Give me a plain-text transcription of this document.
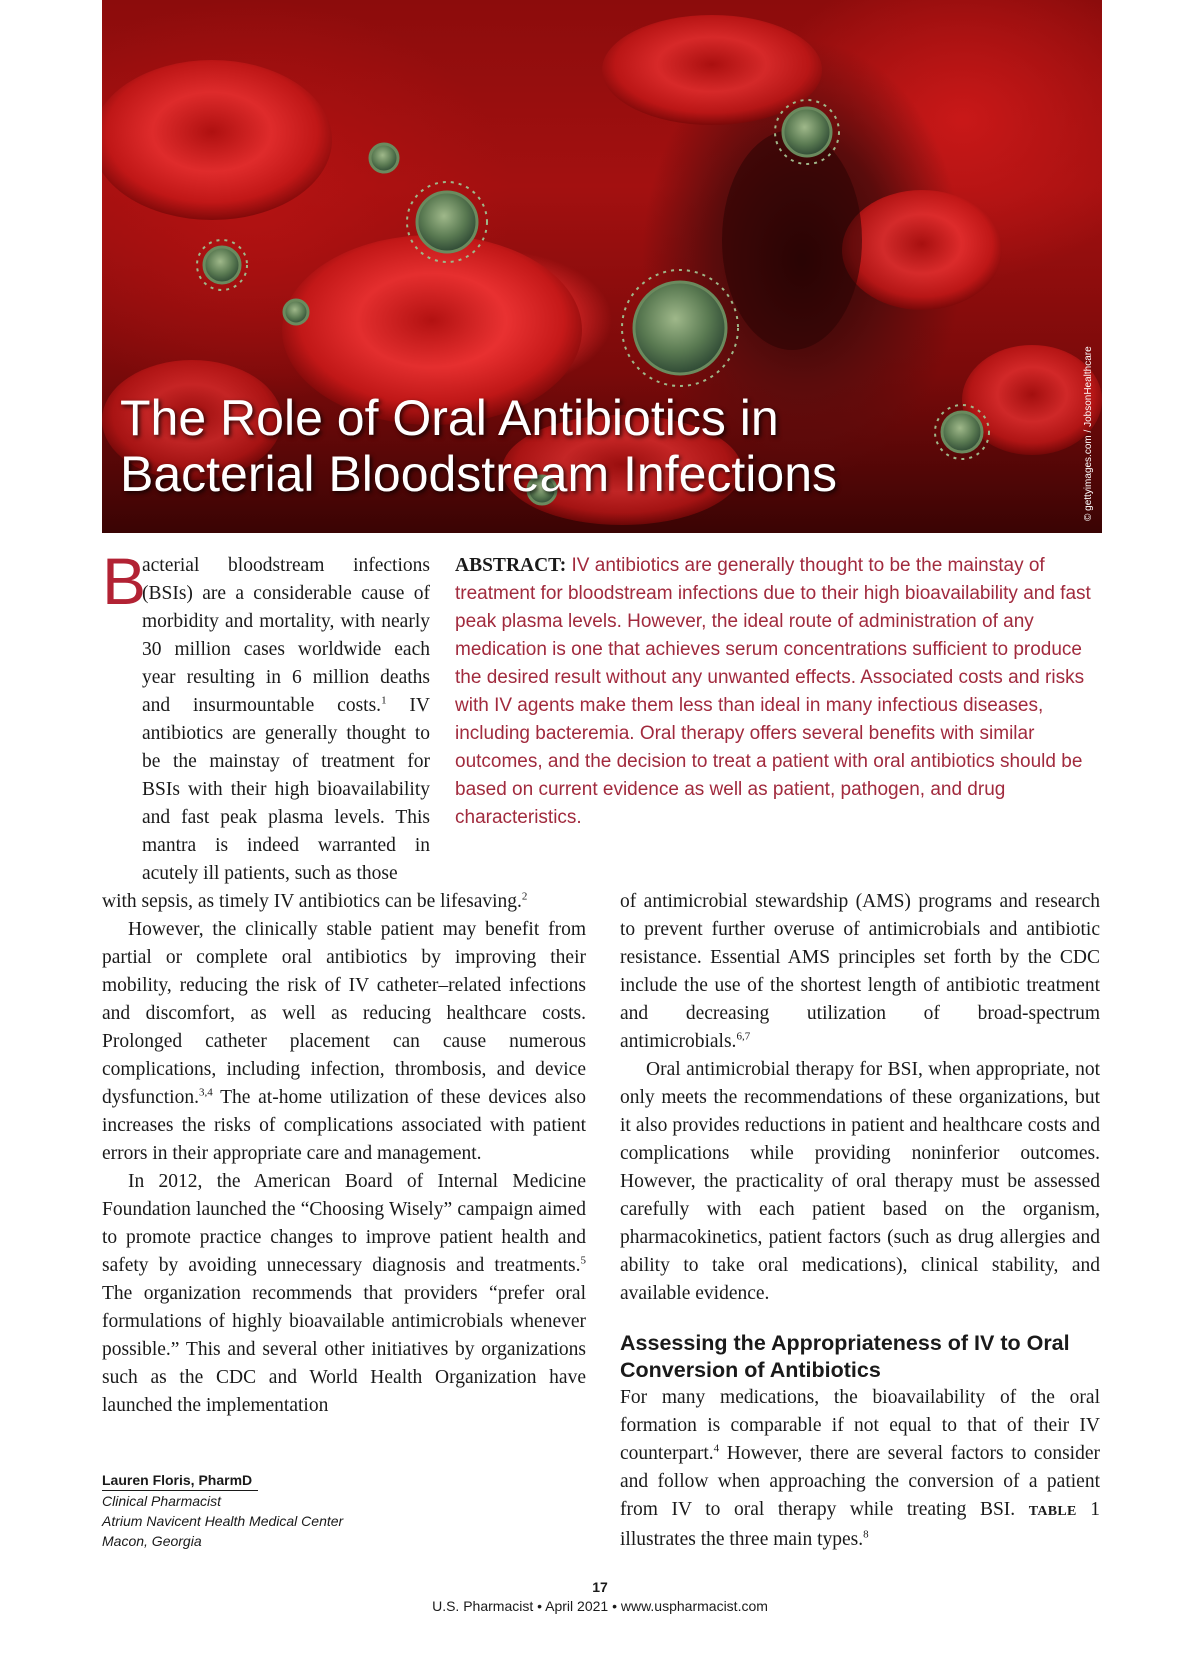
The Role of Oral Antibiotics in
Bacterial Bloodstream Infections	© gettyimages.com / JobsonHealthcare
B

acterial bloodstream infections (BSIs) are a considerable cause of morbidity and mortality, with nearly 30 million cases worldwide each year resulting in 6 million deaths and insurmountable costs.$^1$ IV antibiotics are generally thought to be the mainstay of treatment for BSIs with their high bioavailability and fast peak plasma levels. This mantra is indeed warranted in acutely ill patients, such as those

ABSTRACT: IV antibiotics are generally thought to be the mainstay of treatment for bloodstream infections due to their high bioavailability and fast peak plasma levels. However, the ideal route of administration of any medication is one that achieves serum concentrations sufficient to produce the desired result without any unwanted effects. Associated costs and risks with IV agents make them less than ideal in many infectious diseases, including bacteremia. Oral therapy offers several benefits with similar outcomes, and the decision to treat a patient with oral antibiotics should be based on current evidence as well as patient, pathogen, and drug characteristics.

with sepsis, as timely IV antibiotics can be lifesaving.$^2$

However, the clinically stable patient may benefit from partial or complete oral antibiotics by improving their mobility, reducing the risk of IV catheter–related infections and discomfort, as well as reducing healthcare costs. Prolonged catheter placement can cause numerous complications, including infection, thrombosis, and device dysfunction.$^{3,4}$ The at-home utilization of these devices also increases the risks of complications associated with patient errors in their appropriate care and management.

In 2012, the American Board of Internal Medicine Foundation launched the “Choosing Wisely” campaign aimed to promote practice changes to improve patient health and safety by avoiding unnecessary diagnosis and treatments.$^5$ The organization recommends that providers “prefer oral formulations of highly bioavailable antimicrobials whenever possible.” This and several other initiatives by organizations such as the CDC and World Health Organization have launched the implementation

of antimicrobial stewardship (AMS) programs and research to prevent further overuse of antimicrobials and antibiotic resistance. Essential AMS principles set forth by the CDC include the use of the shortest length of antibiotic treatment and decreasing utilization of broad-spectrum antimicrobials.$^{6,7}$

Oral antimicrobial therapy for BSI, when appropriate, not only meets the recommendations of these organizations, but it also provides reductions in patient and healthcare costs and complications while providing noninferior outcomes. However, the practicality of oral therapy must be assessed carefully with each patient based on the organism, pharmacokinetics, patient factors (such as drug allergies and ability to take oral medications), clinical stability, and available evidence.

Assessing the Appropriateness of IV to Oral Conversion of Antibiotics

For many medications, the bioavailability of the oral formation is comparable if not equal to that of their IV counterpart.$^4$ However, there are several factors to consider and follow when approaching the conversion of a patient from IV to oral therapy while treating BSI. TABLE 1 illustrates the three main types.$^8$

Lauren Floris, PharmD
Clinical Pharmacist
Atrium Navicent Health Medical Center
Macon, Georgia
17
U.S. Pharmacist • April 2021 • www.uspharmacist.com
